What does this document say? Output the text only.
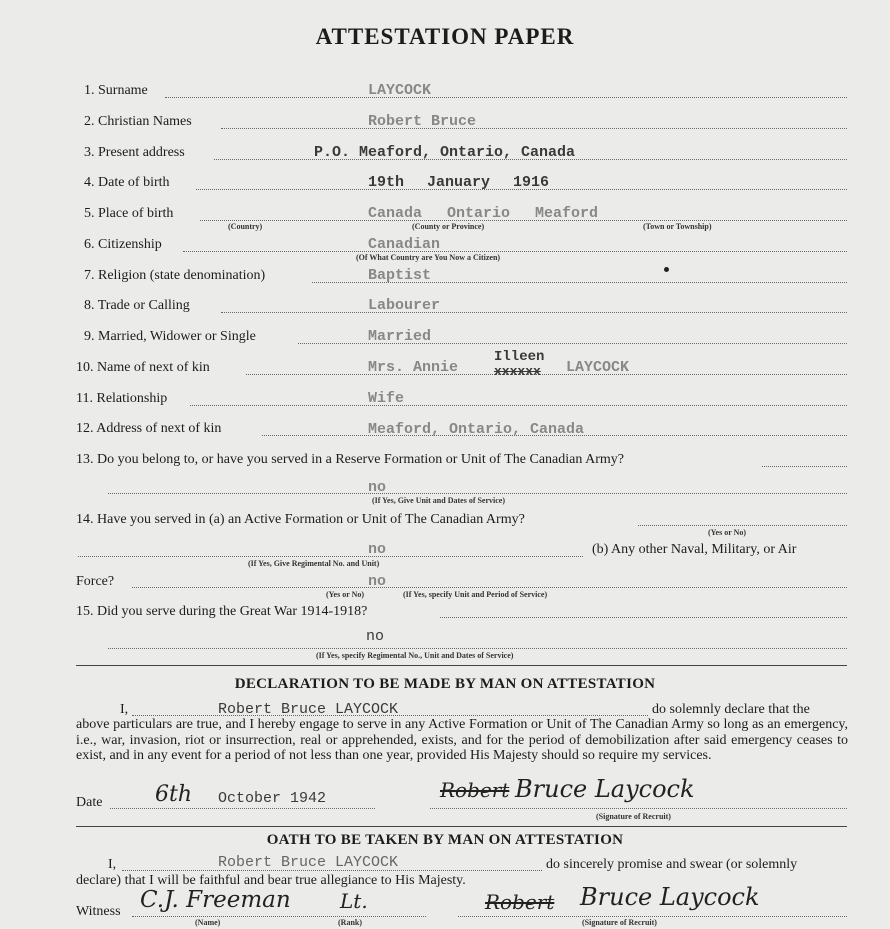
ATTESTATION PAPER
1. Surname	LAYCOCK
2. Christian Names	Robert Bruce
3. Present address	P.O. Meaford, Ontario, Canada
4. Date of birth	19th January 1916
5. Place of birth	Canada Ontario Meaford
(Country)	(County or Province)	(Town or Township)
6. Citizenship	Canadian
(Of What Country are You Now a Citizen)
7. Religion (state denomination)	Baptist
8. Trade or Calling	Labourer
9. Married, Widower or Single	Married
10. Name of next of kin	Mrs. Annie
Illeen
xxxxxx LAYCOCK
11. Relationship	Wife
12. Address of next of kin	Meaford, Ontario, Canada
13. Do you belong to, or have you served in a Reserve Formation or Unit of The Canadian Army?
no
(If Yes, Give Unit and Dates of Service)
14. Have you served in (a) an Active Formation or Unit of The Canadian Army?
(Yes or No)
no	(b) Any other Naval, Military, or Air
(If Yes, Give Regimental No. and Unit)
Force?	no
(Yes or No)	(If Yes, specify Unit and Period of Service)
15. Did you serve during the Great War 1914-1918?
no
(If Yes, specify Regimental No., Unit and Dates of Service)
DECLARATION TO BE MADE BY MAN ON ATTESTATION
I,	Robert Bruce LAYCOCK	do solemnly declare that the
above particulars are true, and I hereby engage to serve in any Active Formation or Unit of The Canadian Army so long as an emergency, i.e., war, invasion, riot or insurrection, real or apprehended, exists, and for the period of demobilization after said emergency ceases to exist, and in any event for a period of not less than one year, provided His Majesty should so require my services.
Date 6th October 1942	Robert Bruce Laycock
(Signature of Recruit)
OATH TO BE TAKEN BY MAN ON ATTESTATION
I,	Robert Bruce LAYCOCK	do sincerely promise and swear (or solemnly
declare) that I will be faithful and bear true allegiance to His Majesty.
Witness C.J. Freeman Lt.
(Name)	(Rank)
Robert Bruce Laycock
(Signature of Recruit)
